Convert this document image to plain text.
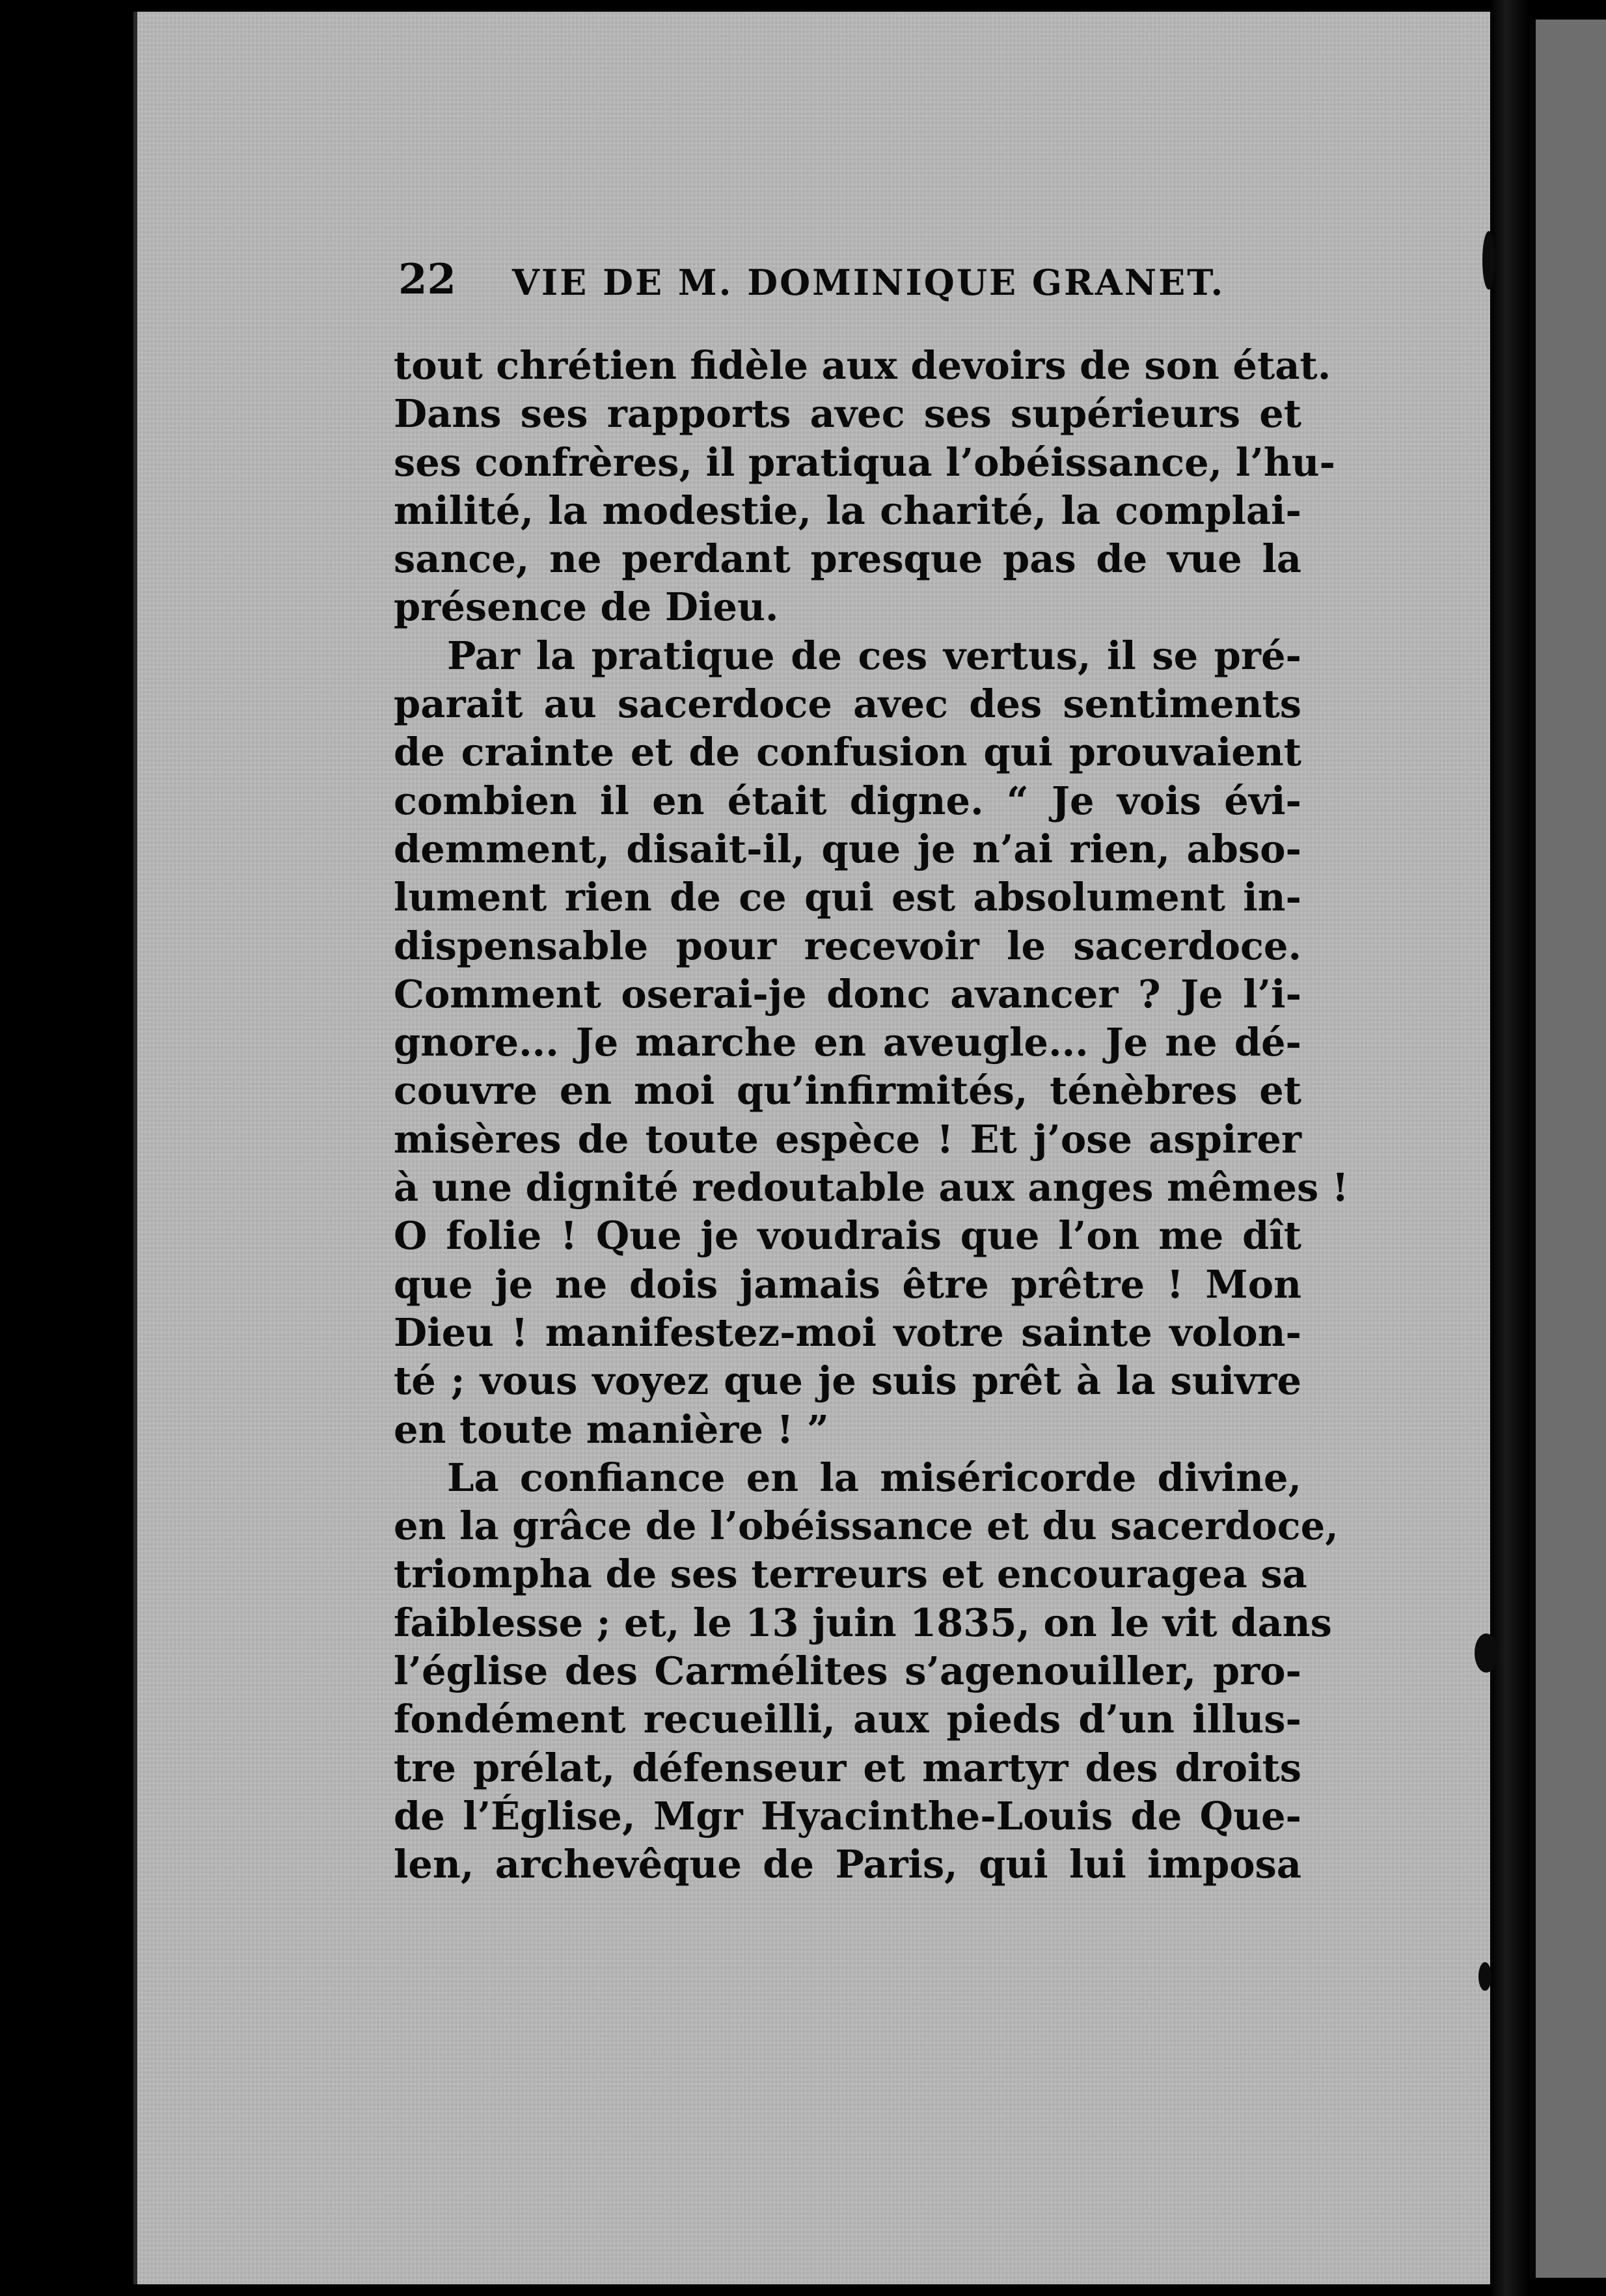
22 VIE DE M. DOMINIQUE GRANET.
tout chrétien fidèle aux devoirs de son état.
Dans ses rapports avec ses supérieurs et
ses confrères, il pratiqua l’obéissance, l’hu-
milité, la modestie, la charité, la complai-
sance, ne perdant presque pas de vue la
présence de Dieu.
Par la pratique de ces vertus, il se pré-
parait au sacerdoce avec des sentiments
de crainte et de confusion qui prouvaient
combien il en était digne. “ Je vois évi-
demment, disait-il, que je n’ai rien, abso-
lument rien de ce qui est absolument in-
dispensable pour recevoir le sacerdoce.
Comment oserai-je donc avancer ? Je l’i-
gnore... Je marche en aveugle... Je ne dé-
couvre en moi qu’infirmités, ténèbres et
misères de toute espèce ! Et j’ose aspirer
à une dignité redoutable aux anges mêmes !
O folie ! Que je voudrais que l’on me dît
que je ne dois jamais être prêtre ! Mon
Dieu ! manifestez-moi votre sainte volon-
té ; vous voyez que je suis prêt à la suivre
en toute manière ! ”
La confiance en la miséricorde divine,
en la grâce de l’obéissance et du sacerdoce,
triompha de ses terreurs et encouragea sa
faiblesse ; et, le 13 juin 1835, on le vit dans
l’église des Carmélites s’agenouiller, pro-
fondément recueilli, aux pieds d’un illus-
tre prélat, défenseur et martyr des droits
de l’Église, Mgr Hyacinthe-Louis de Que-
len, archevêque de Paris, qui lui imposa
